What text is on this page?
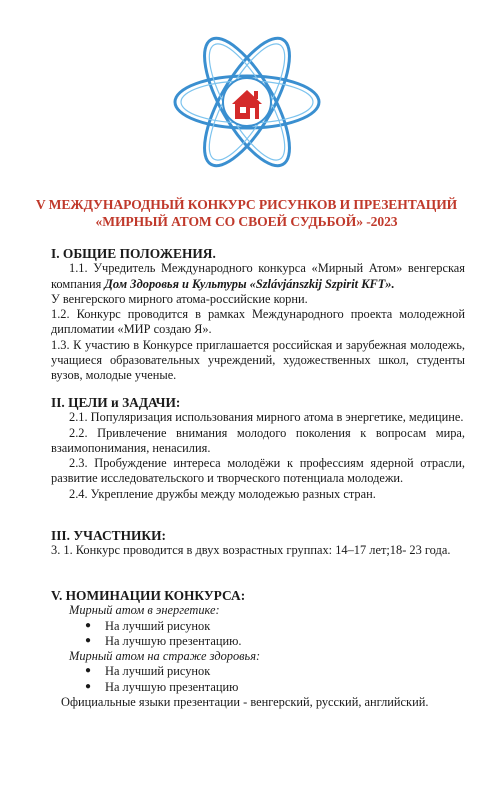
V МЕЖДУНАРОДНЫЙ КОНКУРС РИСУНКОВ И ПРЕЗЕНТАЦИЙ
«МИРНЫЙ АТОМ СО СВОЕЙ СУДЬБОЙ» -2023
I. ОБЩИЕ ПОЛОЖЕНИЯ.
1.1. Учредитель Международного конкурса «Мирный Атом» венгерская компания Дом Здоровья и Культуры «Szlávjánszkij Szpirit KFT».
У венгерского мирного атома-российские корни.
1.2. Конкурс проводится в рамках Международного проекта молодежной дипломатии «МИР создаю Я».
1.3. К участию в Конкурсе приглашается российская и зарубежная молодежь, учащиеся образовательных учреждений, художественных школ, студенты вузов, молодые ученые.
II. ЦЕЛИ и ЗАДАЧИ:
2.1. Популяризация использования мирного атома в энергетике, медицине.
2.2. Привлечение внимания молодого поколения к вопросам мира, взаимопонимания, ненасилия.
2.3. Пробуждение интереса молодёжи к профессиям ядерной отрасли, развитие исследовательского и творческого потенциала молодежи.
2.4. Укрепление дружбы между молодежью разных стран.
III. УЧАСТНИКИ:
3. 1. Конкурс проводится в двух возрастных группах: 14–17 лет;18- 23 года.
V. НОМИНАЦИИ КОНКУРСА:
Мирный атом в энергетике:
● На лучший рисунок
● На лучшую презентацию.
Мирный атом на страже здоровья:
● На лучший рисунок
● На лучшую презентацию
Официальные языки презентации - венгерский, русский, английский.
